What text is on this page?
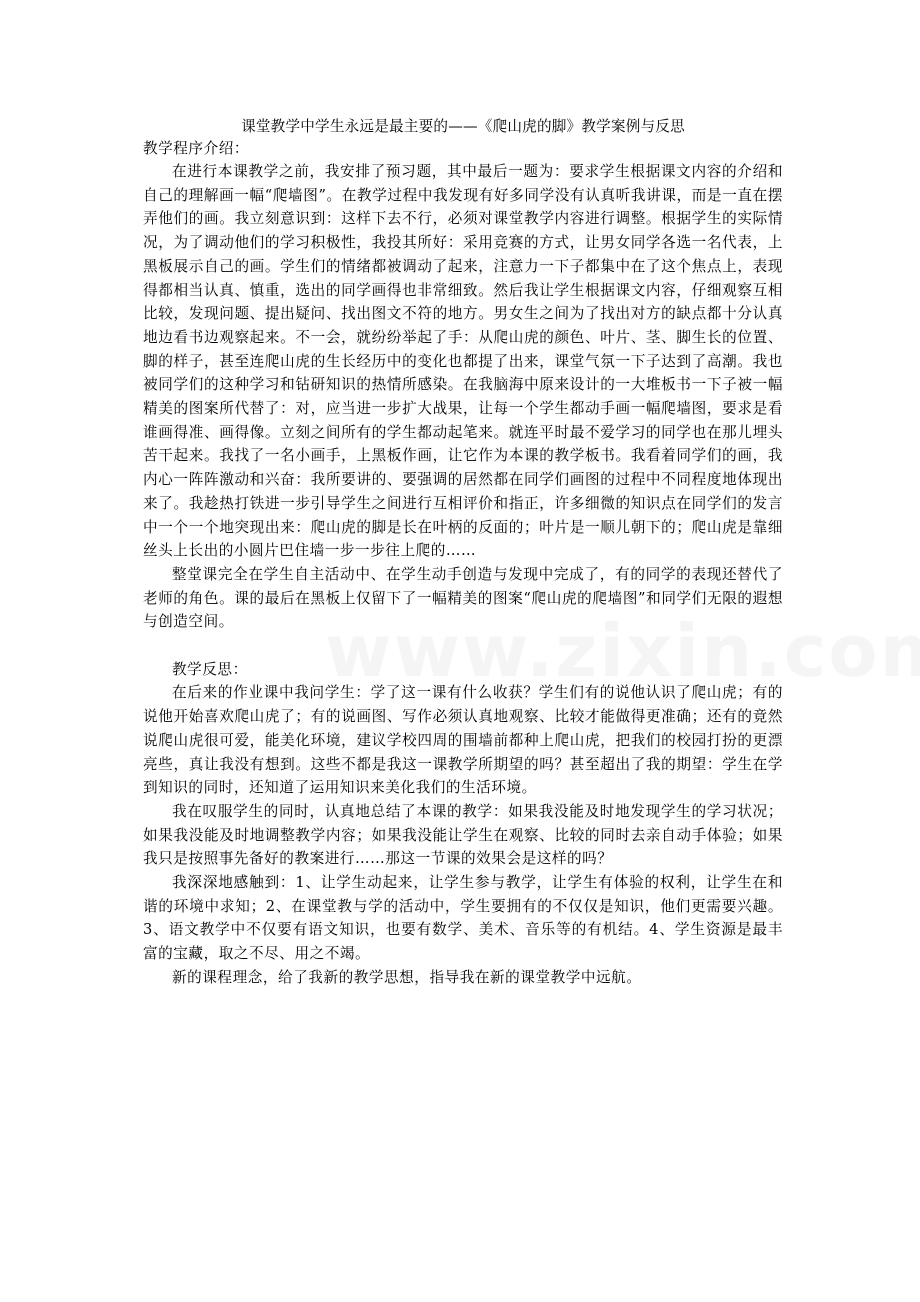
课堂教学中学生永远是最主要的——《爬山虎的脚》教学案例与反思

教学程序介绍：

在进行本课教学之前，我安排了预习题，其中最后一题为：要求学生根据课文内容的介绍和自己的理解画一幅“爬墙图”。在教学过程中我发现有好多同学没有认真听我讲课，而是一直在摆弄他们的画。我立刻意识到：这样下去不行，必须对课堂教学内容进行调整。根据学生的实际情况，为了调动他们的学习积极性，我投其所好：采用竞赛的方式，让男女同学各选一名代表，上黑板展示自己的画。学生们的情绪都被调动了起来，注意力一下子都集中在了这个焦点上，表现得都相当认真、慎重，选出的同学画得也非常细致。然后我让学生根据课文内容，仔细观察互相比较，发现问题、提出疑问、找出图文不符的地方。男女生之间为了找出对方的缺点都十分认真地边看书边观察起来。不一会，就纷纷举起了手：从爬山虎的颜色、叶片、茎、脚生长的位置、脚的样子，甚至连爬山虎的生长经历中的变化也都提了出来，课堂气氛一下子达到了高潮。我也被同学们的这种学习和钻研知识的热情所感染。在我脑海中原来设计的一大堆板书一下子被一幅精美的图案所代替了：对，应当进一步扩大战果，让每一个学生都动手画一幅爬墙图，要求是看谁画得准、画得像。立刻之间所有的学生都动起笔来。就连平时最不爱学习的同学也在那儿埋头苦干起来。我找了一名小画手，上黑板作画，让它作为本课的教学板书。我看着同学们的画，我内心一阵阵激动和兴奋：我所要讲的、要强调的居然都在同学们画图的过程中不同程度地体现出来了。我趁热打铁进一步引导学生之间进行互相评价和指正，许多细微的知识点在同学们的发言中一个一个地突现出来：爬山虎的脚是长在叶柄的反面的；叶片是一顺儿朝下的；爬山虎是靠细丝头上长出的小圆片巴住墙一步一步往上爬的……

整堂课完全在学生自主活动中、在学生动手创造与发现中完成了，有的同学的表现还替代了老师的角色。课的最后在黑板上仅留下了一幅精美的图案“爬山虎的爬墙图”和同学们无限的遐想与创造空间。

教学反思：

在后来的作业课中我问学生：学了这一课有什么收获？学生们有的说他认识了爬山虎；有的说他开始喜欢爬山虎了；有的说画图、写作必须认真地观察、比较才能做得更准确；还有的竟然说爬山虎很可爱，能美化环境，建议学校四周的围墙前都种上爬山虎，把我们的校园打扮的更漂亮些，真让我没有想到。这些不都是我这一课教学所期望的吗？甚至超出了我的期望：学生在学到知识的同时，还知道了运用知识来美化我们的生活环境。

我在叹服学生的同时，认真地总结了本课的教学：如果我没能及时地发现学生的学习状况；如果我没能及时地调整教学内容；如果我没能让学生在观察、比较的同时去亲自动手体验；如果我只是按照事先备好的教案进行……那这一节课的效果会是这样的吗？

我深深地感触到：1、让学生动起来，让学生参与教学，让学生有体验的权利，让学生在和谐的环境中求知；2、在课堂教与学的活动中，学生要拥有的不仅仅是知识，他们更需要兴趣。3、语文教学中不仅要有语文知识，也要有数学、美术、音乐等的有机结。4、学生资源是最丰富的宝藏，取之不尽、用之不竭。

新的课程理念，给了我新的教学思想，指导我在新的课堂教学中远航。
